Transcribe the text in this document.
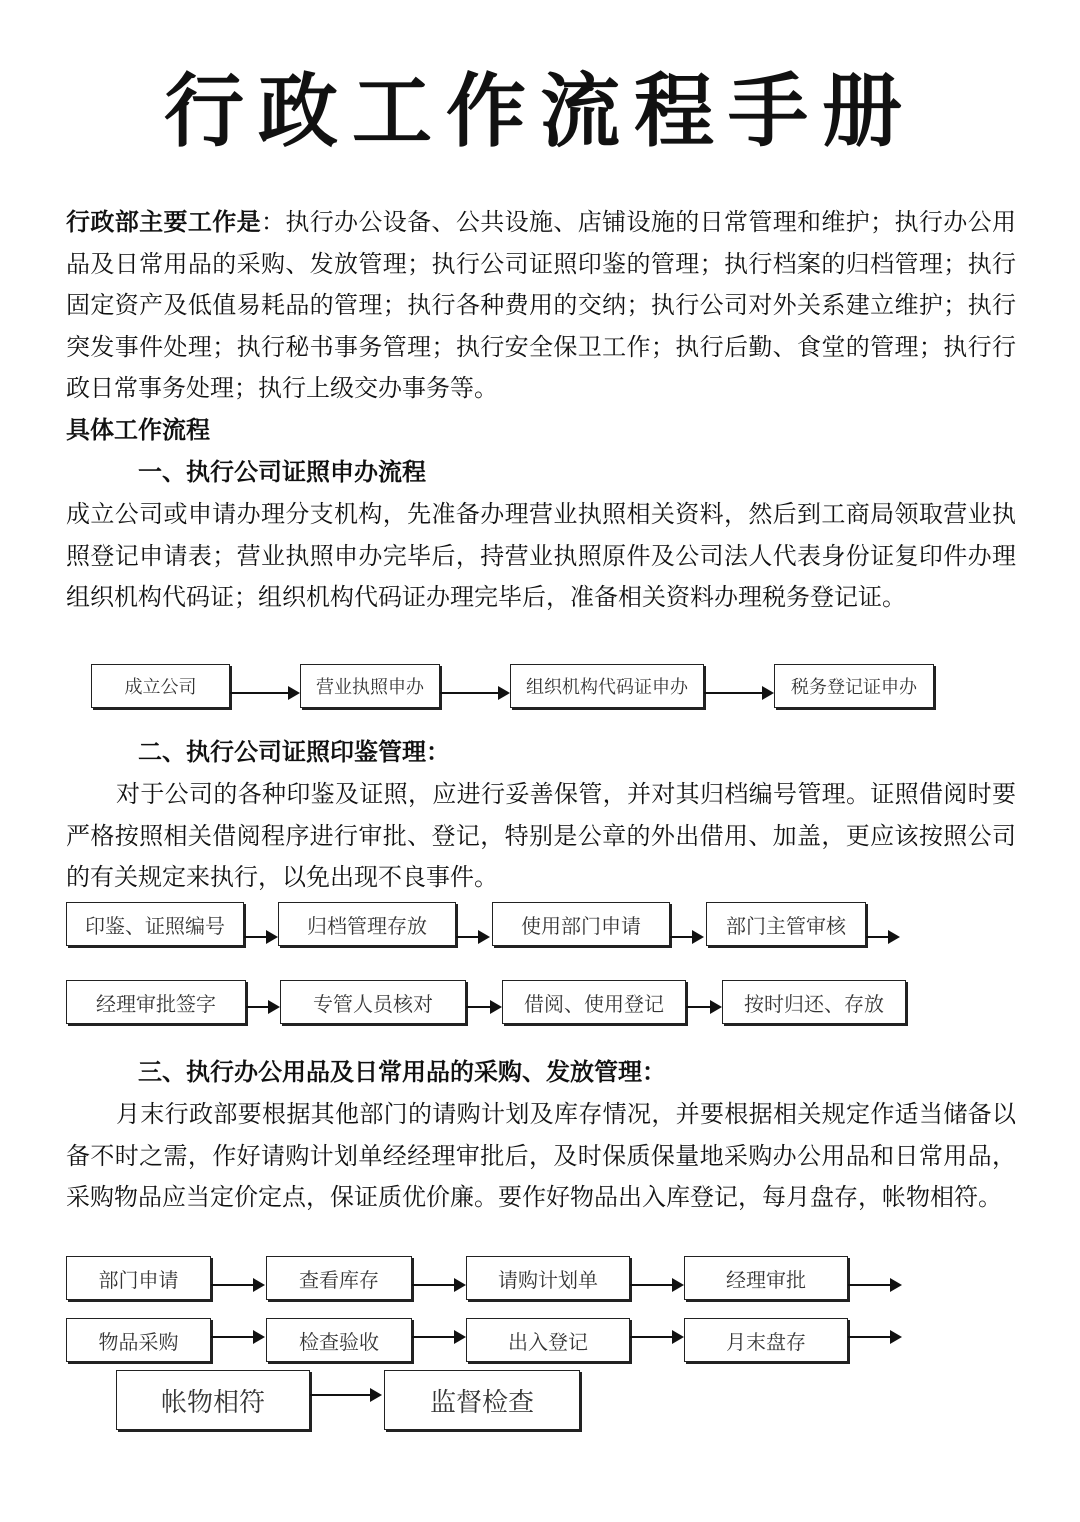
行政工作流程手册

行政部主要工作是：执行办公设备、公共设施、店铺设施的日常管理和维护；执行办公用品及日常用品的采购、发放管理；执行公司证照印鉴的管理；执行档案的归档管理；执行固定资产及低值易耗品的管理；执行各种费用的交纳；执行公司对外关系建立维护；执行突发事件处理；执行秘书事务管理；执行安全保卫工作；执行后勤、食堂的管理；执行行政日常事务处理；执行上级交办事务等。

具体工作流程

一、执行公司证照申办流程

成立公司或申请办理分支机构，先准备办理营业执照相关资料，然后到工商局领取营业执照登记申请表；营业执照申办完毕后，持营业执照原件及公司法人代表身份证复印件办理组织机构代码证；组织机构代码证办理完毕后，准备相关资料办理税务登记证。

成立公司	营业执照申办	组织机构代码证申办	税务登记证申办

二、执行公司证照印鉴管理：

对于公司的各种印鉴及证照，应进行妥善保管，并对其归档编号管理。证照借阅时要严格按照相关借阅程序进行审批、登记，特别是公章的外出借用、加盖，更应该按照公司的有关规定来执行，以免出现不良事件。

印鉴、证照编号	归档管理存放	使用部门申请	部门主管审核
经理审批签字	专管人员核对	借阅、使用登记	按时归还、存放

三、执行办公用品及日常用品的采购、发放管理：

月末行政部要根据其他部门的请购计划及库存情况，并要根据相关规定作适当储备以备不时之需，作好请购计划单经经理审批后，及时保质保量地采购办公用品和日常用品，采购物品应当定价定点，保证质优价廉。要作好物品出入库登记，每月盘存，帐物相符。

部门申请	查看库存	请购计划单	经理审批
物品采购	检查验收	出入登记	月末盘存
帐物相符	监督检查
